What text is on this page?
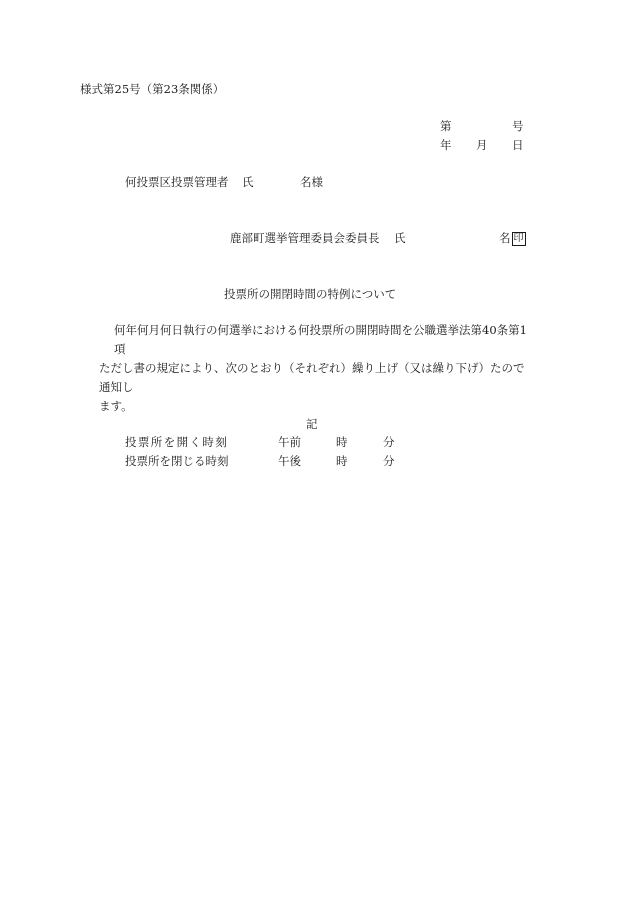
様式第25号（第23条関係）
第	号
年 月 日
何投票区投票管理者 氏	名様
鹿部町選挙管理委員会委員長 氏	名 印
投票所の開閉時間の特例について
何年何月何日執行の何選挙における何投票所の開閉時間を公職選挙法第40条第1項
ただし書の規定により、次のとおり（それぞれ）繰り上げ（又は繰り下げ）たので通知し
ます。
記
投票所を開く時刻	午前	時	分
投票所を閉じる時刻	午後	時	分
